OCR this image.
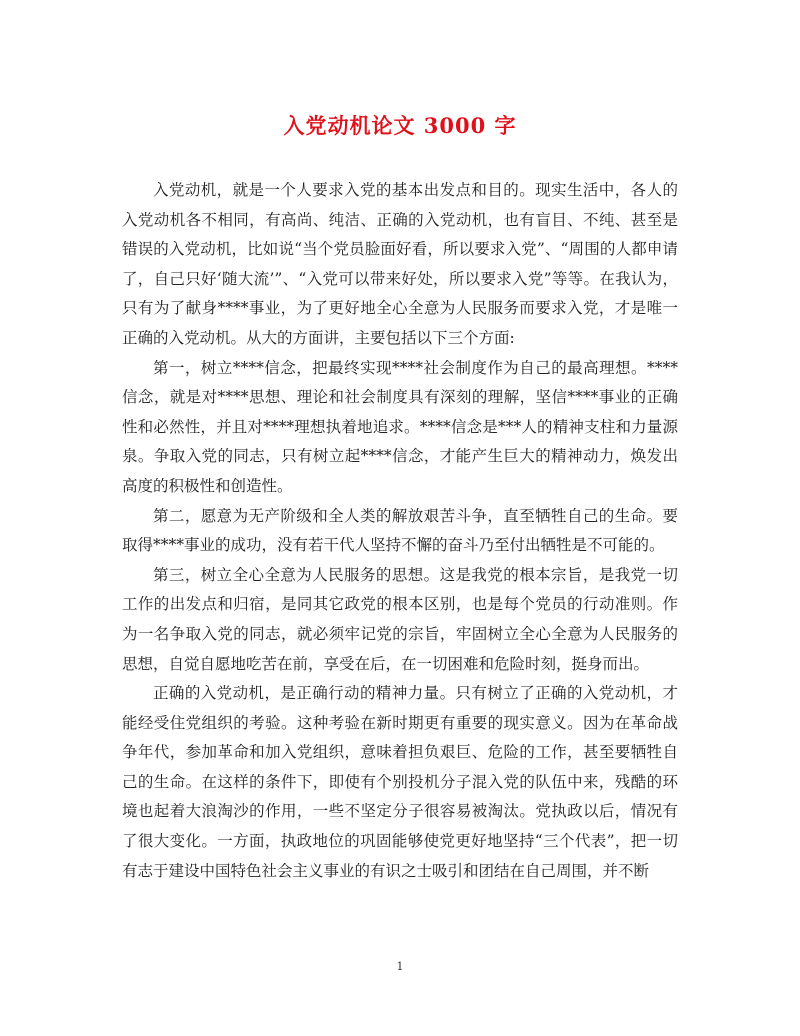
入党动机论文 3000 字

入党动机，就是一个人要求入党的基本出发点和目的。现实生活中，各人的入党动机各不相同，有高尚、纯洁、正确的入党动机，也有盲目、不纯、甚至是错误的入党动机，比如说“当个党员脸面好看，所以要求入党”、“周围的人都申请了，自己只好‘随大流’”、“入党可以带来好处，所以要求入党”等等。在我认为，只有为了献身****事业，为了更好地全心全意为人民服务而要求入党，才是唯一正确的入党动机。从大的方面讲，主要包括以下三个方面:

第一，树立****信念，把最终实现****社会制度作为自己的最高理想。****信念，就是对****思想、理论和社会制度具有深刻的理解，坚信****事业的正确性和必然性，并且对****理想执着地追求。****信念是***人的精神支柱和力量源泉。争取入党的同志，只有树立起****信念，才能产生巨大的精神动力，焕发出高度的积极性和创造性。

第二，愿意为无产阶级和全人类的解放艰苦斗争，直至牺牲自己的生命。要取得****事业的成功，没有若干代人坚持不懈的奋斗乃至付出牺牲是不可能的。

第三，树立全心全意为人民服务的思想。这是我党的根本宗旨，是我党一切工作的出发点和归宿，是同其它政党的根本区别，也是每个党员的行动准则。作为一名争取入党的同志，就必须牢记党的宗旨，牢固树立全心全意为人民服务的思想，自觉自愿地吃苦在前，享受在后，在一切困难和危险时刻，挺身而出。

正确的入党动机，是正确行动的精神力量。只有树立了正确的入党动机，才能经受住党组织的考验。这种考验在新时期更有重要的现实意义。因为在革命战争年代，参加革命和加入党组织，意味着担负艰巨、危险的工作，甚至要牺牲自己的生命。在这样的条件下，即使有个别投机分子混入党的队伍中来，残酷的环境也起着大浪淘沙的作用，一些不坚定分子很容易被淘汰。党执政以后，情况有了很大变化。一方面，执政地位的巩固能够使党更好地坚持“三个代表”，把一切有志于建设中国特色社会主义事业的有识之士吸引和团结在自己周围，并不断

1
